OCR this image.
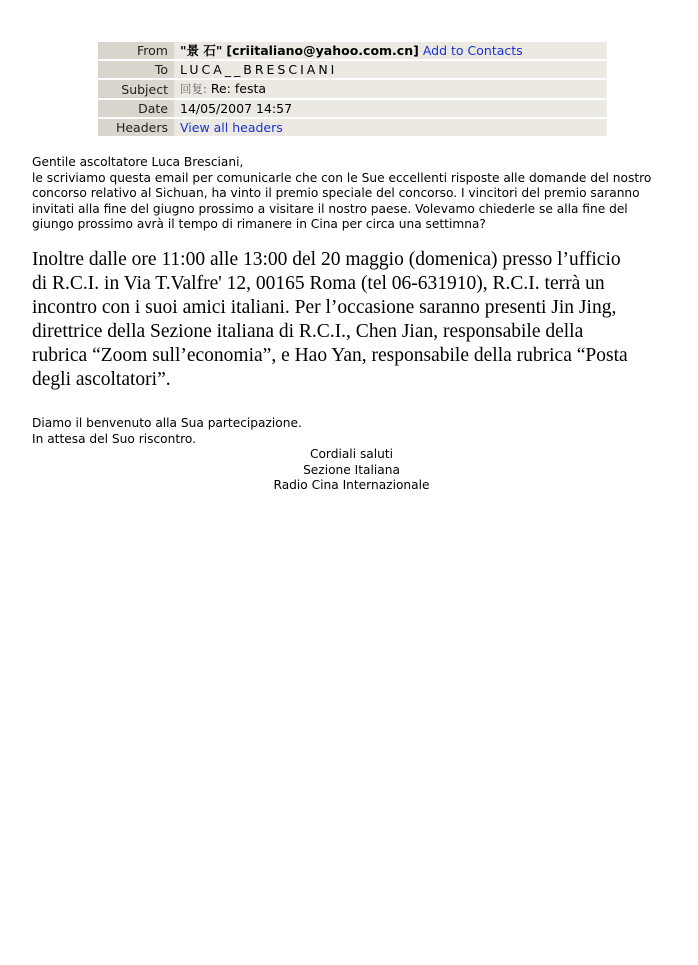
From	"景 石" [criitaliano@yahoo.com.cn] Add to Contacts
To	LUCA__BRESCIANI
Subject	回复: Re: festa
Date	14/05/2007 14:57
Headers	View all headers
Gentile ascoltatore Luca Bresciani,
le scriviamo questa email per comunicarle che con le Sue eccellenti risposte alle domande del nostro
concorso relativo al Sichuan, ha vinto il premio speciale del concorso. I vincitori del premio saranno
invitati alla fine del giugno prossimo a visitare il nostro paese. Volevamo chiederle se alla fine del
giungo prossimo avrà il tempo di rimanere in Cina per circa una settimna?
Inoltre dalle ore 11:00 alle 13:00 del 20 maggio (domenica) presso l’ufficio
di R.C.I. in Via T.Valfre' 12, 00165 Roma (tel 06-631910), R.C.I. terrà un
incontro con i suoi amici italiani. Per l’occasione saranno presenti Jin Jing,
direttrice della Sezione italiana di R.C.I., Chen Jian, responsabile della
rubrica “Zoom sull’economia”, e Hao Yan, responsabile della rubrica “Posta
degli ascoltatori”.
Diamo il benvenuto alla Sua partecipazione.
In attesa del Suo riscontro.
Cordiali saluti
Sezione Italiana
Radio Cina Internazionale
